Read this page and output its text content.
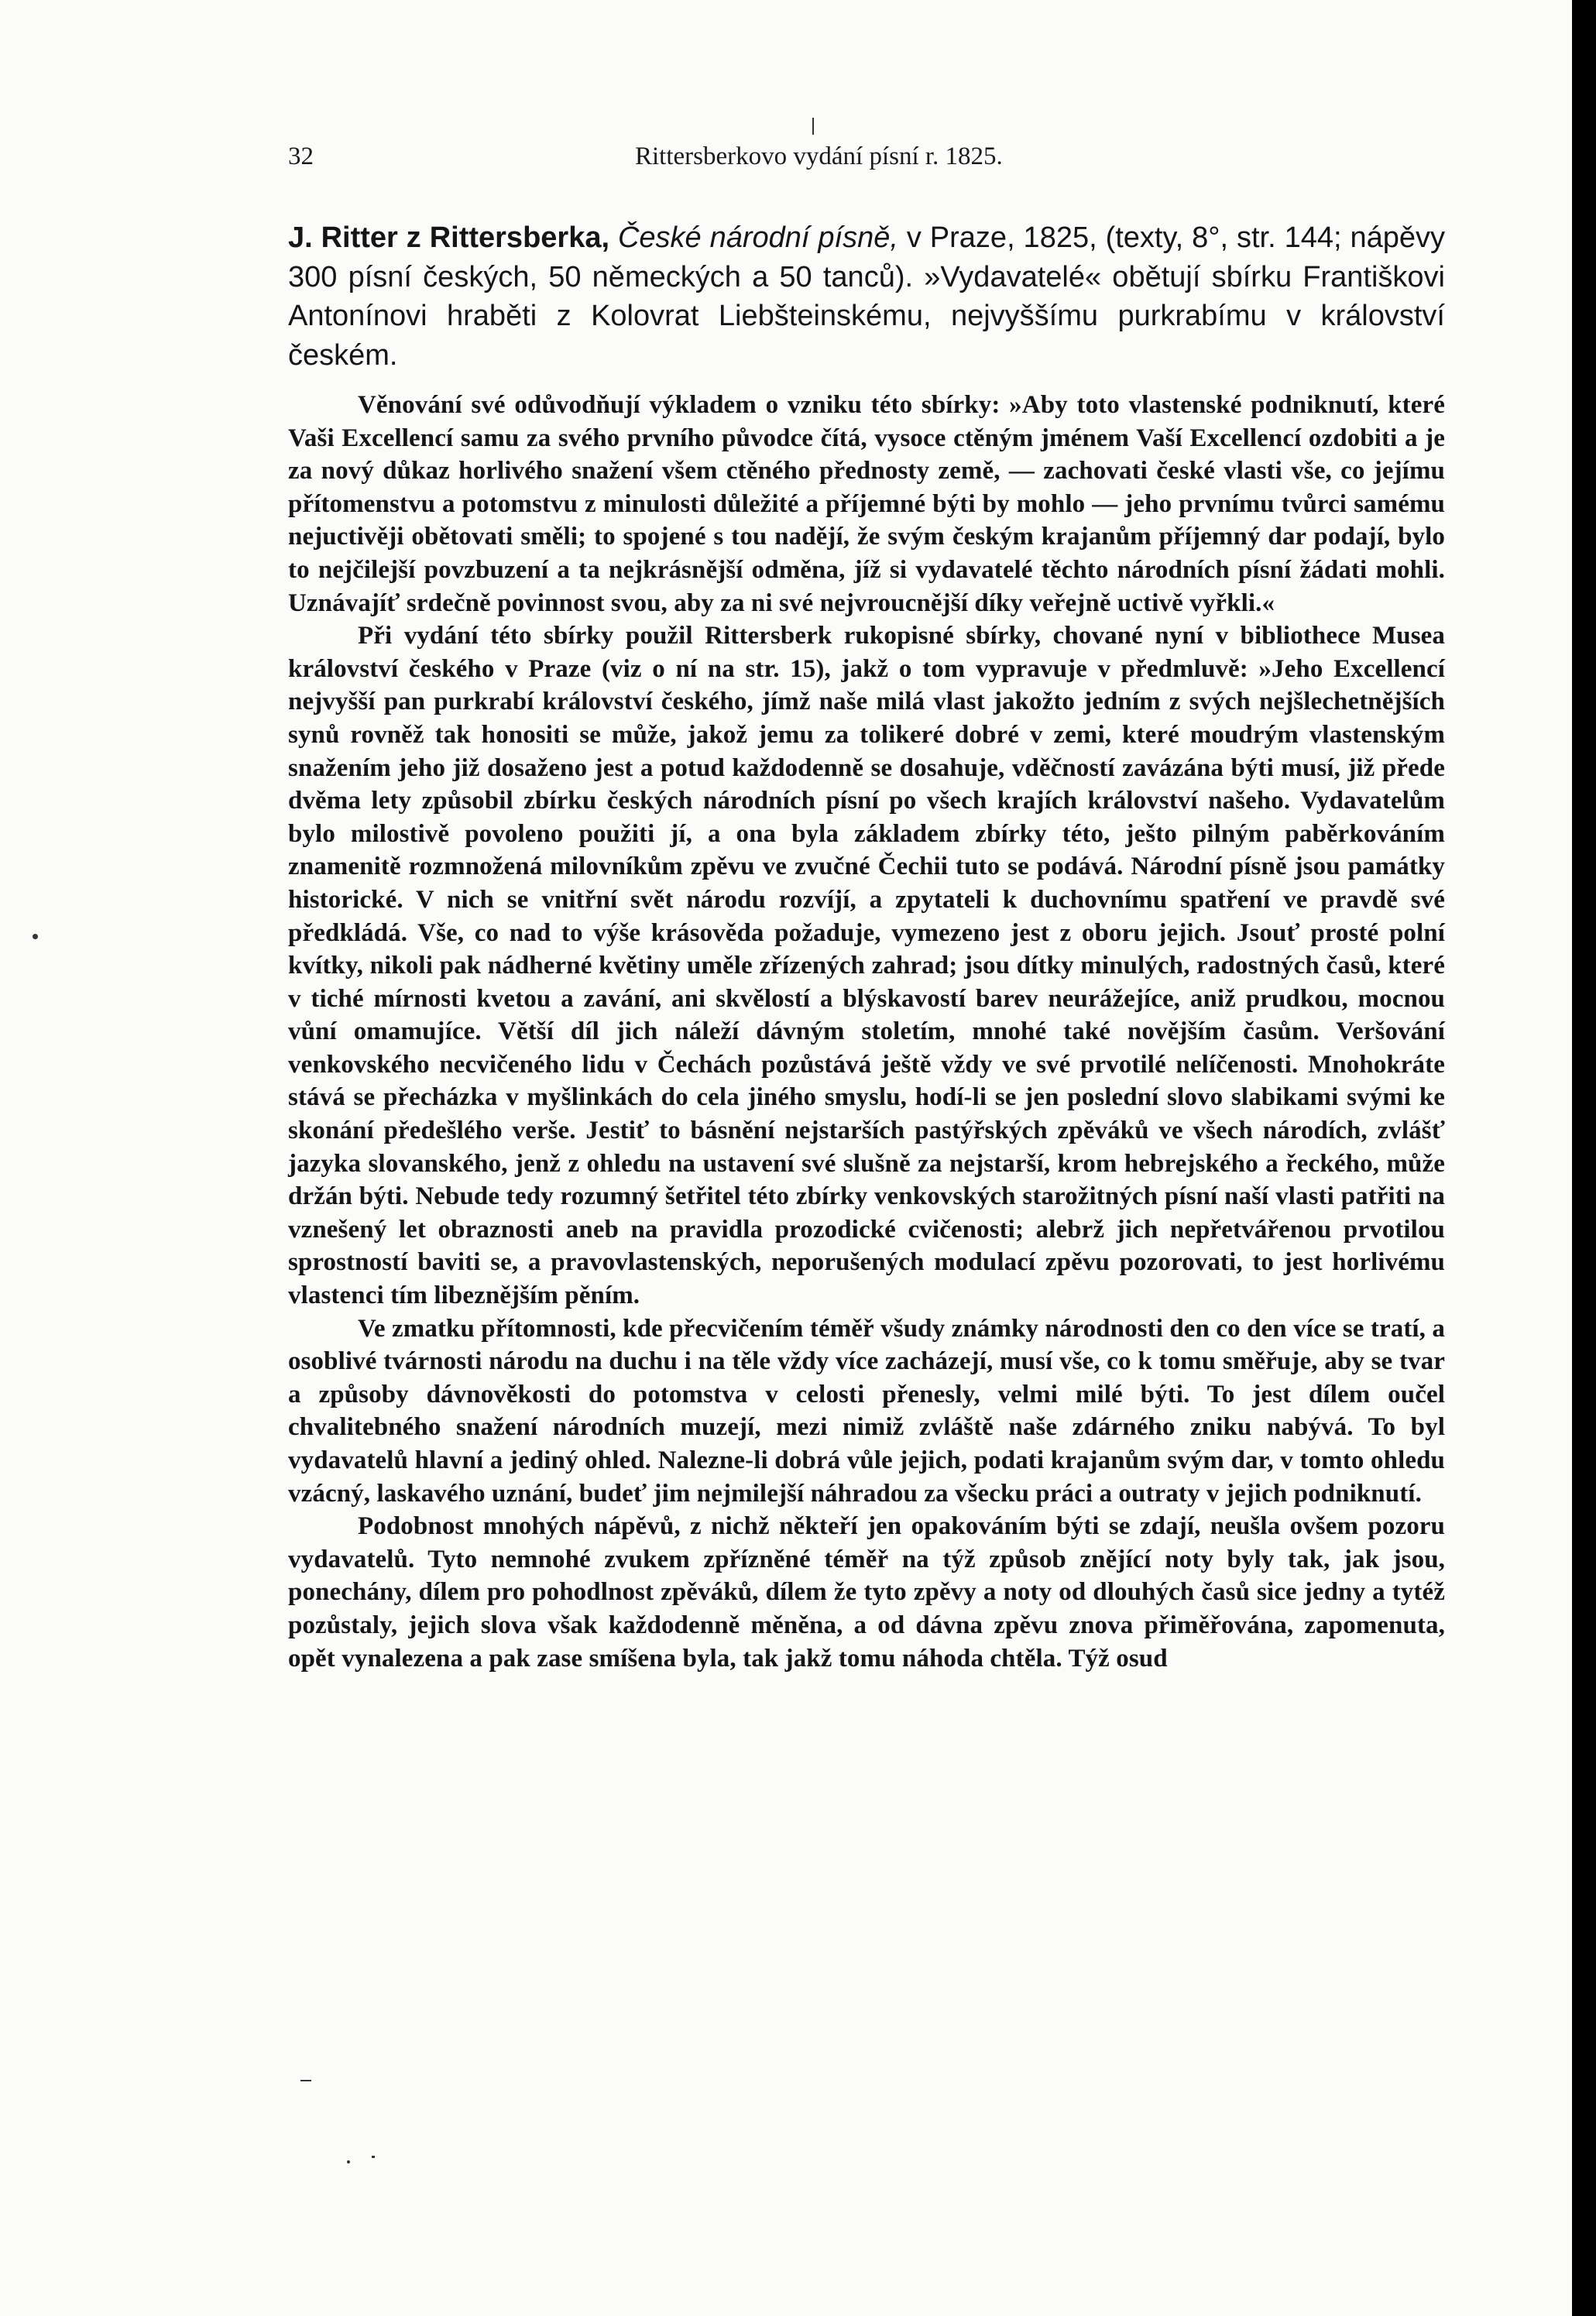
32	Rittersberkovo vydání písní r. 1825.

J. Ritter z Rittersberka, České národní písně, v Praze, 1825, (texty, 8°, str. 144; nápěvy 300 písní českých, 50 německých a 50 tanců). »Vydavatelé« obětují sbírku Františkovi Antonínovi hraběti z Kolovrat Liebšteinskému, nejvyššímu purkrabímu v království českém.

Věnování své odůvodňují výkladem o vzniku této sbírky: »Aby toto vlastenské podniknutí, které Vaši Excellencí samu za svého prvního původce čítá, vysoce ctěným jménem Vaší Excellencí ozdobiti a je za nový důkaz horlivého snažení všem ctěného přednosty země, — zachovati české vlasti vše, co jejímu přítomenstvu a potomstvu z minulosti důležité a příjemné býti by mohlo — jeho prvnímu tvůrci samému nejuctivěji obětovati směli; to spojené s tou nadějí, že svým českým krajanům příjemný dar podají, bylo to nejčilejší povzbuzení a ta nejkrásnější odměna, jíž si vydavatelé těchto národních písní žádati mohli. Uznávajíť srdečně povinnost svou, aby za ni své nejvroucnější díky veřejně uctivě vyřkli.«

Při vydání této sbírky použil Rittersberk rukopisné sbírky, chované nyní v bibliothece Musea království českého v Praze (viz o ní na str. 15), jakž o tom vypravuje v předmluvě: »Jeho Excellencí nejvyšší pan purkrabí království českého, jímž naše milá vlast jakožto jedním z svých nejšlechetnějších synů rovněž tak honositi se může, jakož jemu za tolikeré dobré v zemi, které moudrým vlastenským snažením jeho již dosaženo jest a potud každodenně se dosahuje, vděčností zavázána býti musí, již přede dvěma lety způsobil zbírku českých národních písní po všech krajích království našeho. Vydavatelům bylo milostivě povoleno použiti jí, a ona byla základem zbírky této, ješto pilným paběrkováním znamenitě rozmnožená milovníkům zpěvu ve zvučné Čechii tuto se podává. Národní písně jsou památky historické. V nich se vnitřní svět národu rozvíjí, a zpytateli k duchovnímu spatření ve pravdě své předkládá. Vše, co nad to výše krásověda požaduje, vymezeno jest z oboru jejich. Jsouť prosté polní kvítky, nikoli pak nádherné květiny uměle zřízených zahrad; jsou dítky minulých, radostných časů, které v tiché mírnosti kvetou a zavání, ani skvělostí a blýskavostí barev neurážejíce, aniž prudkou, mocnou vůní omamujíce. Větší díl jich náleží dávným stoletím, mnohé také novějším časům. Veršování venkovského necvičeného lidu v Čechách pozůstává ještě vždy ve své prvotilé nelíčenosti. Mnohokráte stává se přecházka v myšlinkách do cela jiného smyslu, hodí-li se jen poslední slovo slabikami svými ke skonání předešlého verše. Jestiť to básnění nejstarších pastýřských zpěváků ve všech národích, zvlášť jazyka slovanského, jenž z ohledu na ustavení své slušně za nejstarší, krom hebrejského a řeckého, může držán býti. Nebude tedy rozumný šetřitel této zbírky venkovských starožitných písní naší vlasti patřiti na vznešený let obraznosti aneb na pravidla prozodické cvičenosti; alebrž jich nepřetvářenou prvotilou sprostností baviti se, a pravovlastenských, neporušených modulací zpěvu pozorovati, to jest horlivému vlastenci tím libeznějším pěním.

Ve zmatku přítomnosti, kde přecvičením téměř všudy známky národnosti den co den více se tratí, a osoblivé tvárnosti národu na duchu i na těle vždy více zacházejí, musí vše, co k tomu směřuje, aby se tvar a způsoby dávnověkosti do potomstva v celosti přenesly, velmi milé býti. To jest dílem oučel chvalitebného snažení národních muzejí, mezi nimiž zvláště naše zdárného zniku nabývá. To byl vydavatelů hlavní a jediný ohled. Nalezne-li dobrá vůle jejich, podati krajanům svým dar, v tomto ohledu vzácný, laskavého uznání, budeť jim nejmilejší náhradou za všecku práci a outraty v jejich podniknutí.

Podobnost mnohých nápěvů, z nichž někteří jen opakováním býti se zdají, neušla ovšem pozoru vydavatelů. Tyto nemnohé zvukem zpřízněné téměř na týž způsob znějící noty byly tak, jak jsou, ponechány, dílem pro pohodlnost zpěváků, dílem že tyto zpěvy a noty od dlouhých časů sice jedny a tytéž pozůstaly, jejich slova však každodenně měněna, a od dávna zpěvu znova přiměřována, zapomenuta, opět vynalezena a pak zase smíšena byla, tak jakž tomu náhoda chtěla. Týž osud
